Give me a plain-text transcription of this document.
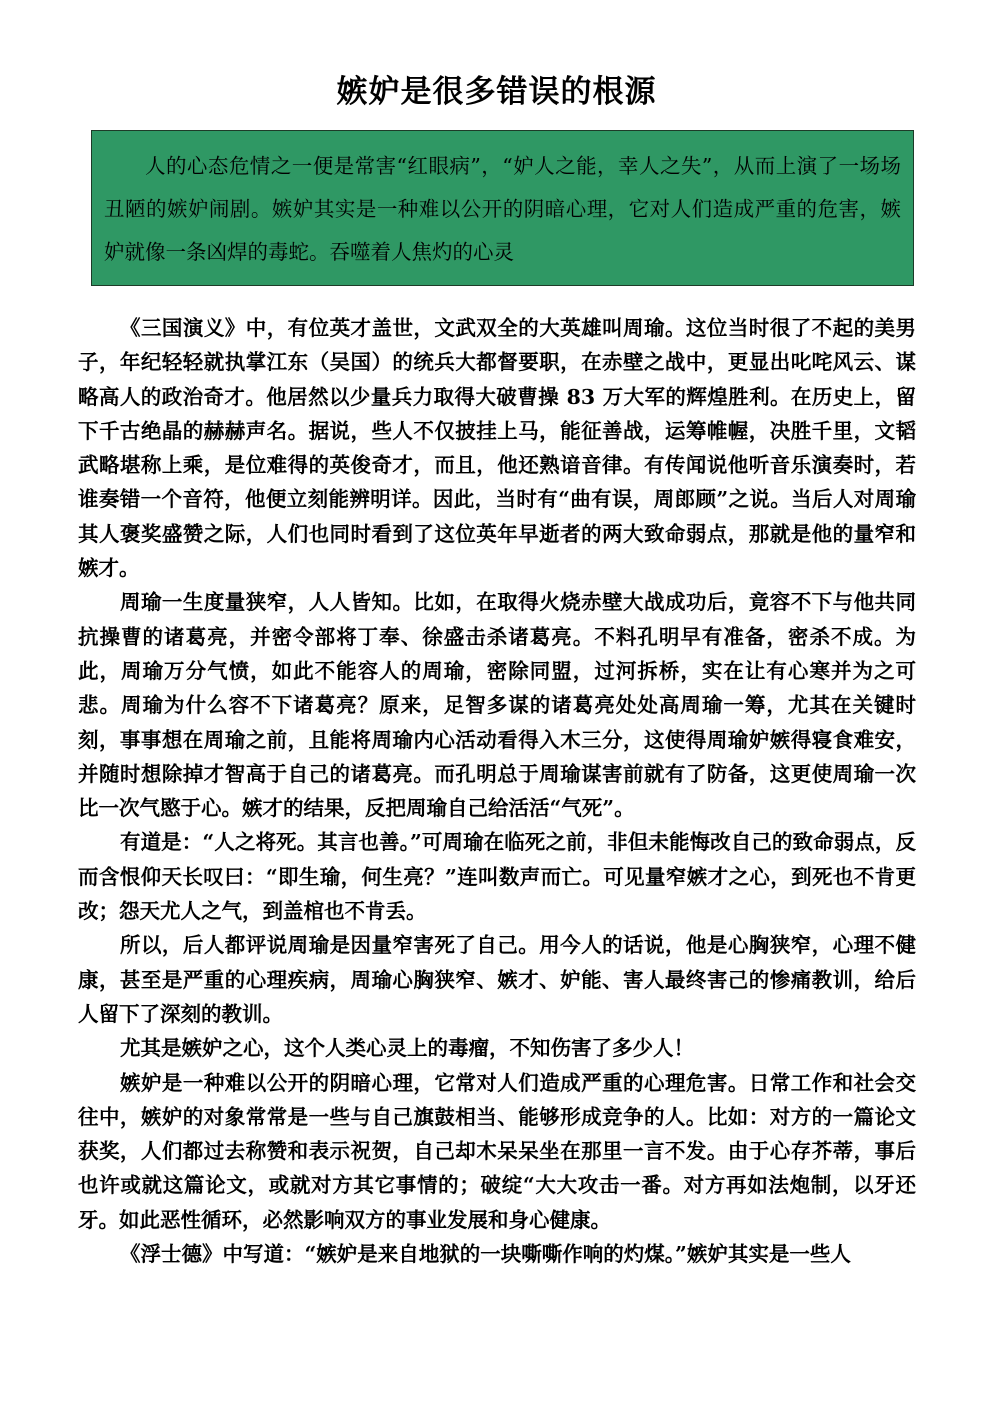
嫉妒是很多错误的根源

人的心态危情之一便是常害“红眼病”，“妒人之能，幸人之失”，从而上演了一场场丑陋的嫉妒闹剧。嫉妒其实是一种难以公开的阴暗心理，它对人们造成严重的危害，嫉妒就像一条凶焊的毒蛇。吞噬着人焦灼的心灵

《三国演义》中，有位英才盖世，文武双全的大英雄叫周瑜。这位当时很了不起的美男子，年纪轻轻就执掌江东（吴国）的统兵大都督要职，在赤壁之战中，更显出叱咤风云、谋略高人的政治奇才。他居然以少量兵力取得大破曹操 83 万大军的辉煌胜利。在历史上，留下千古绝晶的赫赫声名。据说，些人不仅披挂上马，能征善战，运筹帷幄，决胜千里，文韬武略堪称上乘，是位难得的英俊奇才，而且，他还熟谙音律。有传闻说他听音乐演奏时，若谁奏错一个音符，他便立刻能辨明详。因此，当时有“曲有误，周郎顾”之说。当后人对周瑜其人褒奖盛赞之际，人们也同时看到了这位英年早逝者的两大致命弱点，那就是他的量窄和嫉才。

周瑜一生度量狭窄，人人皆知。比如，在取得火烧赤壁大战成功后，竟容不下与他共同抗操曹的诸葛亮，并密令部将丁奉、徐盛击杀诸葛亮。不料孔明早有准备，密杀不成。为此，周瑜万分气愤，如此不能容人的周瑜，密除同盟，过河拆桥，实在让有心寒并为之可悲。周瑜为什么容不下诸葛亮？原来，足智多谋的诸葛亮处处高周瑜一筹，尤其在关键时刻，事事想在周瑜之前，且能将周瑜内心活动看得入木三分，这使得周瑜妒嫉得寝食难安，并随时想除掉才智高于自己的诸葛亮。而孔明总于周瑜谋害前就有了防备，这更使周瑜一次比一次气愍于心。嫉才的结果，反把周瑜自己给活活“气死”。

有道是：“人之将死。其言也善。”可周瑜在临死之前，非但未能悔改自己的致命弱点，反而含恨仰天长叹曰：“即生瑜，何生亮？”连叫数声而亡。可见量窄嫉才之心，到死也不肯更改；怨天尤人之气，到盖棺也不肯丢。

所以，后人都评说周瑜是因量窄害死了自己。用今人的话说，他是心胸狭窄，心理不健康，甚至是严重的心理疾病，周瑜心胸狭窄、嫉才、妒能、害人最终害己的惨痛教训，给后人留下了深刻的教训。

尤其是嫉妒之心，这个人类心灵上的毒瘤，不知伤害了多少人！

嫉妒是一种难以公开的阴暗心理，它常对人们造成严重的心理危害。日常工作和社会交往中，嫉妒的对象常常是一些与自己旗鼓相当、能够形成竞争的人。比如：对方的一篇论文获奖，人们都过去称赞和表示祝贺，自己却木呆呆坐在那里一言不发。由于心存芥蒂，事后也许或就这篇论文，或就对方其它事情的；破绽“大大攻击一番。对方再如法炮制，以牙还牙。如此恶性循环，必然影响双方的事业发展和身心健康。

《浮士德》中写道：“嫉妒是来自地狱的一块嘶嘶作响的灼煤。”嫉妒其实是一些人
